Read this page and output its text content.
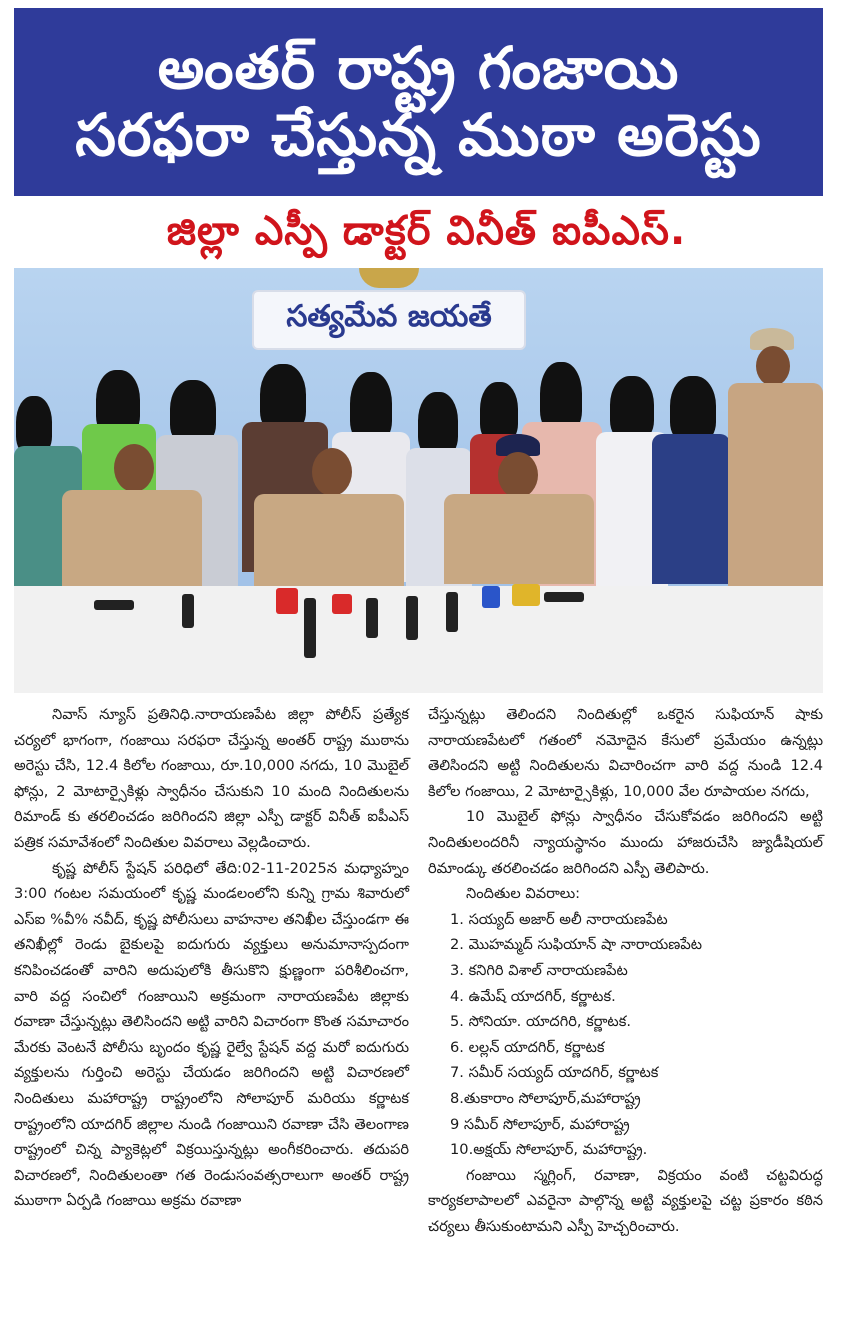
అంతర్ రాష్ట్ర గంజాయి
సరఫరా చేస్తున్న ముఠా అరెస్టు
జిల్లా ఎస్పీ డాక్టర్ వినీత్ ఐపీఎస్.
సత్యమేవ జయతే

నివాస్ న్యూస్ ప్రతినిధి.నారాయణపేట జిల్లా పోలీస్ ప్రత్యేక చర్యలో భాగంగా, గంజాయి సరఫరా చేస్తున్న అంతర్ రాష్ట్ర ముఠాను అరెస్టు చేసి, 12.4 కిలోల గంజాయి, రూ.10,000 నగదు, 10 మొబైల్ ఫోన్లు, 2 మోటార్సైకిళ్లు స్వాధీనం చేసుకుని 10 మంది నిందితులను రిమాండ్ కు తరలించడం జరిగిందని జిల్లా ఎస్పీ డాక్టర్ వినీత్ ఐపీఎస్ పత్రిక సమావేశంలో నిందితుల వివరాలు వెల్లడించారు.

కృష్ణ పోలీస్ స్టేషన్ పరిధిలో తేది:02-11-2025న మధ్యాహ్నం 3:00 గంటల సమయంలో కృష్ణ మండలంలోని కున్ని గ్రామ శివారులో ఎస్ఐ %వీ% నవీద్, కృష్ణ పోలీసులు వాహనాల తనిఖీల చేస్తుండగా ఈ తనిఖీల్లో రెండు బైకులపై ఐదుగురు వ్యక్తులు అనుమానాస్పదంగా కనిపించడంతో వారిని అదుపులోకి తీసుకొని క్షుణ్ణంగా పరిశీలించగా, వారి వద్ద సంచిలో గంజాయిని అక్రమంగా నారాయణపేట జిల్లాకు రవాణా చేస్తున్నట్లు తెలిసిందని అట్టి వారిని విచారంగా కొంత సమాచారం మేరకు వెంటనే పోలీసు బృందం కృష్ణ రైల్వే స్టేషన్ వద్ద మరో ఐదుగురు వ్యక్తులను గుర్తించి అరెస్టు చేయడం జరిగిందని అట్టి విచారణలో నిందితులు మహారాష్ట్ర రాష్ట్రంలోని సోలాపూర్ మరియు కర్ణాటక రాష్ట్రంలోని యాదగిర్ జిల్లాల నుండి గంజాయిని రవాణా చేసి తెలంగాణ రాష్ట్రంలో చిన్న ప్యాకెట్లలో విక్రయిస్తున్నట్లు అంగీకరించారు. తదుపరి విచారణలో, నిందితులంతా గత రెండుసంవత్సరాలుగా అంతర్ రాష్ట్ర ముఠాగా ఏర్పడి గంజాయి అక్రమ రవాణా

చేస్తున్నట్లు తెలిందని నిందితుల్లో ఒకరైన సుఫియాన్ షాకు నారాయణపేటలో గతంలో నమోదైన కేసులో ప్రమేయం ఉన్నట్లు తెలిసిందని అట్టి నిందితులను విచారించగా వారి వద్ద నుండి 12.4 కిలోల గంజాయి, 2 మోటార్సైకిళ్లు, 10,000 వేల రూపాయల నగదు,

10 మొబైల్ ఫోన్లు స్వాధీనం చేసుకోవడం జరిగిందని అట్టి నిందితులందరినీ న్యాయస్థానం ముందు హాజరుచేసి జ్యుడీషియల్ రిమాండ్కు తరలించడం జరిగిందని ఎస్పీ తెలిపారు.

నిందితుల వివరాలు:

1. సయ్యద్ అజార్ అలీ నారాయణపేట
2. మొహమ్మద్ సుఫియాన్ షా నారాయణపేట
3. కనిగిరి విశాల్ నారాయణపేట
4. ఉమేష్ యాదగిర్, కర్ణాటక.
5. సోనియా. యాదగిరి, కర్ణాటక.
6. లల్లన్ యాదగిర్, కర్ణాటక
7. సమీర్ సయ్యద్ యాదగిర్, కర్ణాటక
8.తుకారాం సోలాపూర్,మహారాష్ట్ర
9 సమీర్ సోలాపూర్, మహారాష్ట్ర
10.అక్షయ్ సోలాపూర్, మహారాష్ట్ర.

గంజాయి స్మగ్లింగ్, రవాణా, విక్రయం వంటి చట్టవిరుద్ధ కార్యకలాపాలలో ఎవరైనా పాల్గొన్న అట్టి వ్యక్తులపై చట్ట ప్రకారం కఠిన చర్యలు తీసుకుంటామని ఎస్పీ హెచ్చరించారు.
